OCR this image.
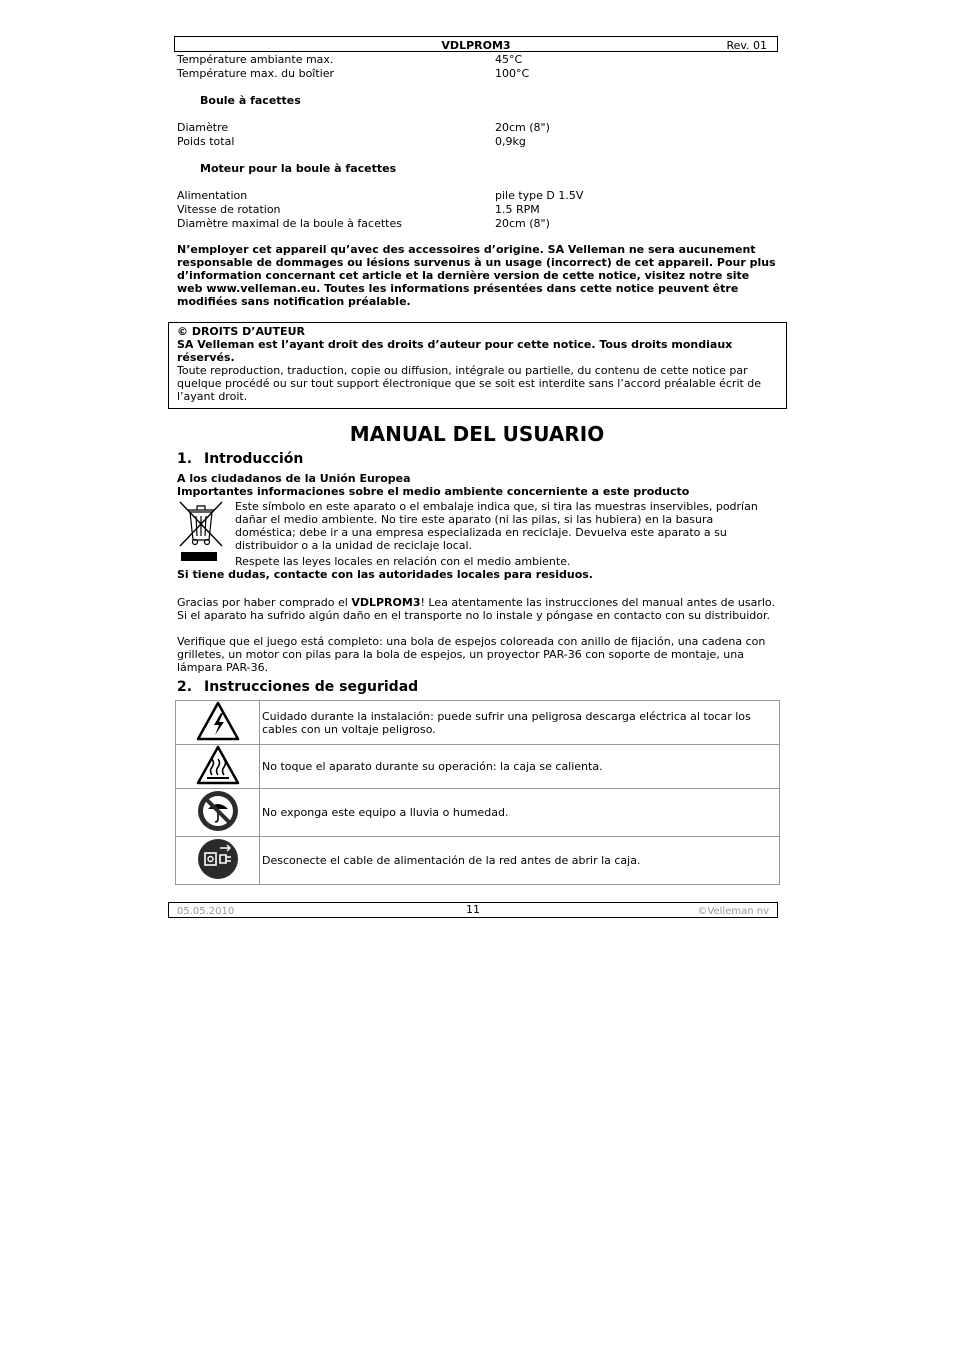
VDLPROM3	Rev. 01
Température ambiante max.	45°C
Température max. du boîtier	100°C
Boule à facettes
Diamètre	20cm (8")
Poids total	0,9kg
Moteur pour la boule à facettes
Alimentation	pile type D 1.5V
Vitesse de rotation	1.5 RPM
Diamètre maximal de la boule à facettes	20cm (8")
N’employer cet appareil qu’avec des accessoires d’origine. SA Velleman ne sera aucunement responsable de dommages ou lésions survenus à un usage (incorrect) de cet appareil. Pour plus d’information concernant cet article et la dernière version de cette notice, visitez notre site web www.velleman.eu. Toutes les informations présentées dans cette notice peuvent être modifiées sans notification préalable.
© DROITS D’AUTEUR
SA Velleman est l’ayant droit des droits d’auteur pour cette notice. Tous droits mondiaux réservés.
Toute reproduction, traduction, copie ou diffusion, intégrale ou partielle, du contenu de cette notice par quelque procédé ou sur tout support électronique que se soit est interdite sans l’accord préalable écrit de l’ayant droit.
MANUAL DEL USUARIO
1. Introducción
A los ciudadanos de la Unión Europea
Importantes informaciones sobre el medio ambiente concerniente a este producto
Este símbolo en este aparato o el embalaje indica que, si tira las muestras inservibles, podrían dañar el medio ambiente. No tire este aparato (ni las pilas, si las hubiera) en la basura doméstica; debe ir a una empresa especializada en reciclaje. Devuelva este aparato a su distribuidor o a la unidad de reciclaje local.
Respete las leyes locales en relación con el medio ambiente.
Si tiene dudas, contacte con las autoridades locales para residuos.
Gracias por haber comprado el VDLPROM3! Lea atentamente las instrucciones del manual antes de usarlo. Si el aparato ha sufrido algún daño en el transporte no lo instale y póngase en contacto con su distribuidor.
Verifique que el juego está completo: una bola de espejos coloreada con anillo de fijación, una cadena con grilletes, un motor con pilas para la bola de espejos, un proyector PAR-36 con soporte de montaje, una lámpara PAR-36.
2. Instrucciones de seguridad
	Cuidado durante la instalación: puede sufrir una peligrosa descarga eléctrica al tocar los cables con un voltaje peligroso.
	No toque el aparato durante su operación: la caja se calienta.
	No exponga este equipo a lluvia o humedad.
	Desconecte el cable de alimentación de la red antes de abrir la caja.
05.05.2010	11	©Velleman nv
